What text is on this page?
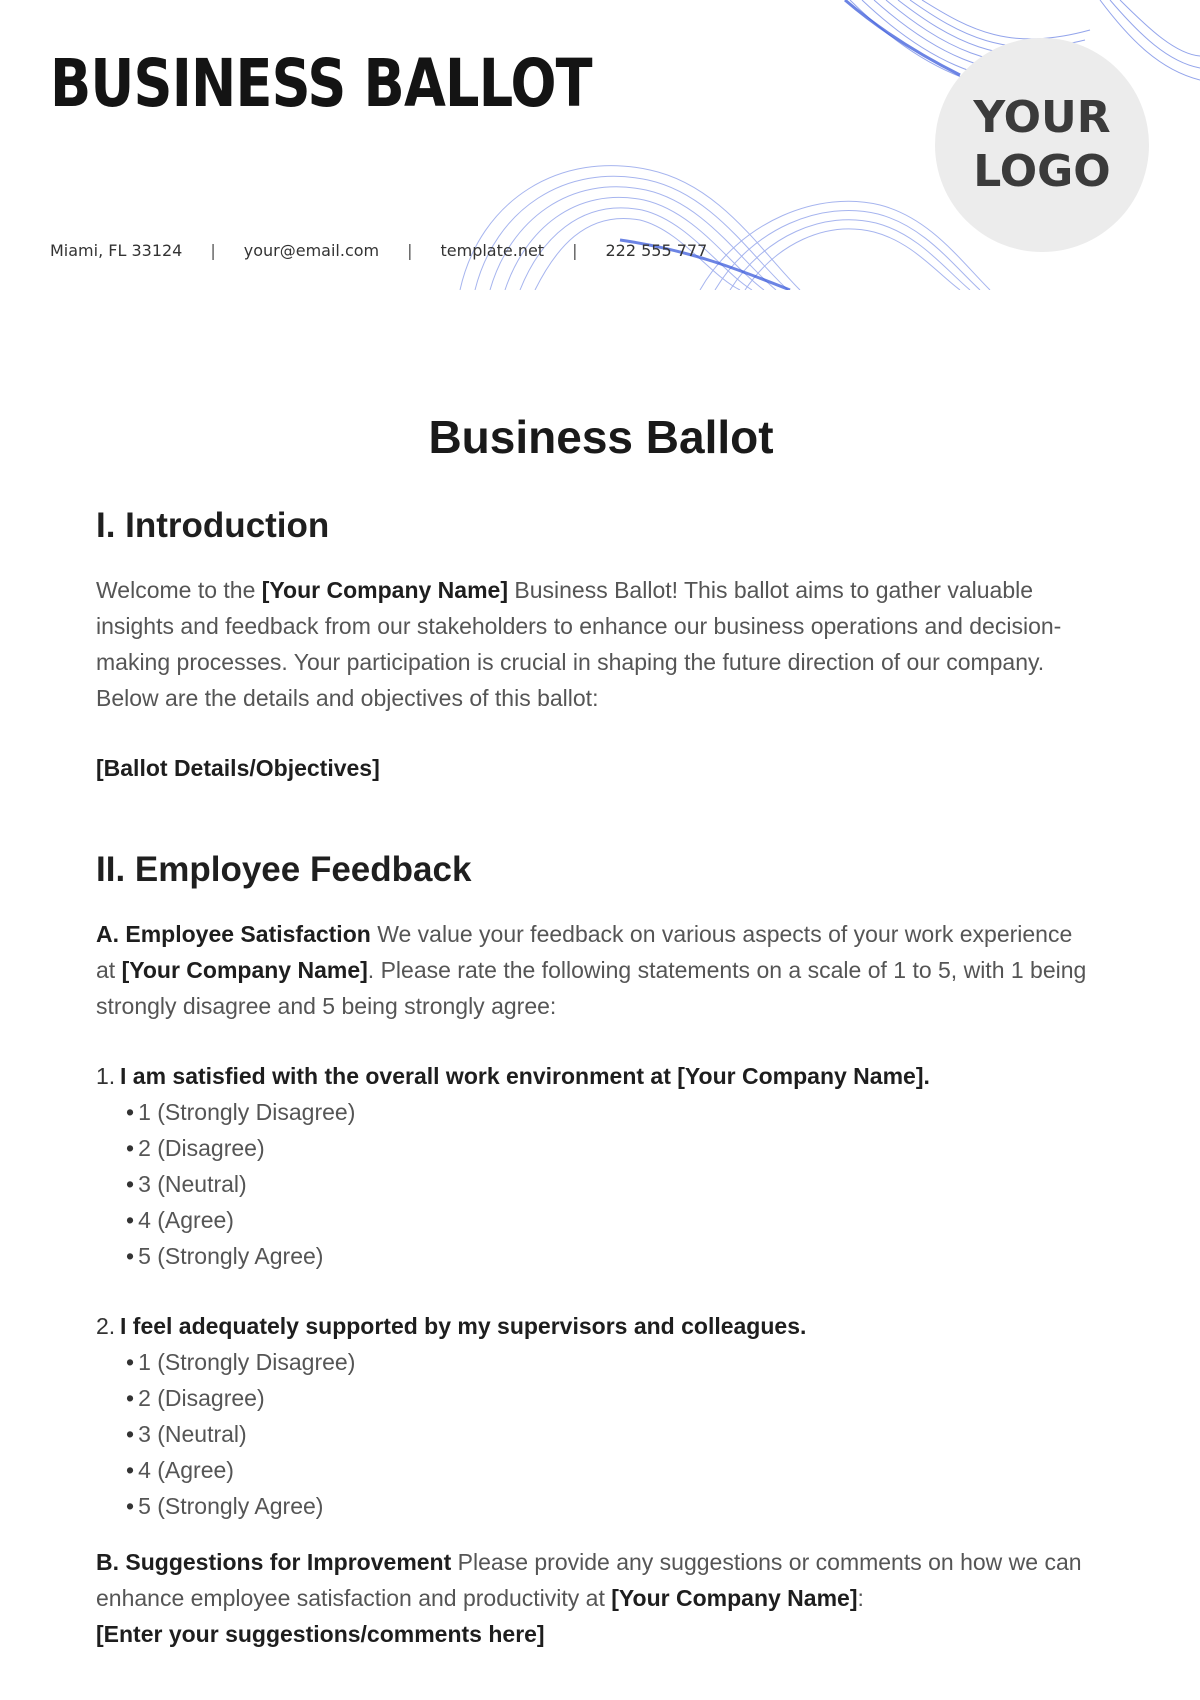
BUSINESS BALLOT	YOUR
LOGO
Miami, FL 33124 | your@email.com | template.net | 222 555 777
Business Ballot
I. Introduction

Welcome to the [Your Company Name] Business Ballot! This ballot aims to gather valuable insights and feedback from our stakeholders to enhance our business operations and decision-making processes. Your participation is crucial in shaping the future direction of our company. Below are the details and objectives of this ballot:

[Ballot Details/Objectives]

II. Employee Feedback

A. Employee Satisfaction We value your feedback on various aspects of your work experience at [Your Company Name]. Please rate the following statements on a scale of 1 to 5, with 1 being strongly disagree and 5 being strongly agree:

1. I am satisfied with the overall work environment at [Your Company Name].
• 1 (Strongly Disagree)
• 2 (Disagree)
• 3 (Neutral)
• 4 (Agree)
• 5 (Strongly Agree)
2. I feel adequately supported by my supervisors and colleagues.
• 1 (Strongly Disagree)
• 2 (Disagree)
• 3 (Neutral)
• 4 (Agree)
• 5 (Strongly Agree)

B. Suggestions for Improvement Please provide any suggestions or comments on how we can enhance employee satisfaction and productivity at [Your Company Name]:
[Enter your suggestions/comments here]
